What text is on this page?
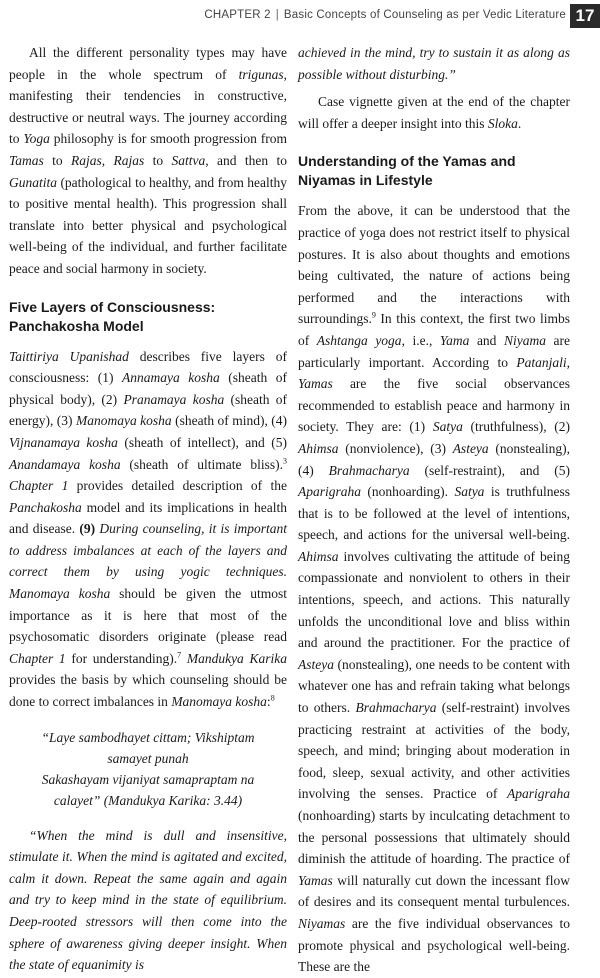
CHAPTER 2 | Basic Concepts of Counseling as per Vedic Literature 17

All the different personality types may have people in the whole spectrum of trigunas, manifesting their tendencies in constructive, destructive or neutral ways. The journey according to Yoga philosophy is for smooth progression from Tamas to Rajas, Rajas to Sattva, and then to Gunatita (pathological to healthy, and from healthy to positive mental health). This progression shall translate into better physical and psychological well-being of the individual, and further facilitate peace and social harmony in society.

Five Layers of Consciousness: Panchakosha Model

Taittiriya Upanishad describes five layers of consciousness: (1) Annamaya kosha (sheath of physical body), (2) Pranamaya kosha (sheath of energy), (3) Manomaya kosha (sheath of mind), (4) Vijnanamaya kosha (sheath of intellect), and (5) Anandamaya kosha (sheath of ultimate bliss).$^3$ Chapter 1 provides detailed description of the Panchakosha model and its implications in health and disease. (9) During counseling, it is important to address imbalances at each of the layers and correct them by using yogic techniques. Manomaya kosha should be given the utmost importance as it is here that most of the psychosomatic disorders originate (please read Chapter 1 for understanding).$^7$ Mandukya Karika provides the basis by which counseling should be done to correct imbalances in Manomaya kosha:$^8$

“Laye sambodhayet cittam; Vikshiptam
samayet punah
Sakashayam vijaniyat samapraptam na
calayet” (Mandukya Karika: 3.44)

“When the mind is dull and insensitive, stimulate it. When the mind is agitated and excited, calm it down. Repeat the same again and again and try to keep mind in the state of equilibrium. Deep-rooted stressors will then come into the sphere of awareness giving deeper insight. When the state of equanimity is

achieved in the mind, try to sustain it as along as possible without disturbing.”

Case vignette given at the end of the chapter will offer a deeper insight into this Sloka.

Understanding of the Yamas and Niyamas in Lifestyle

From the above, it can be understood that the practice of yoga does not restrict itself to physical postures. It is also about thoughts and emotions being cultivated, the nature of actions being performed and the interactions with surroundings.$^9$ In this context, the first two limbs of Ashtanga yoga, i.e., Yama and Niyama are particularly important. According to Patanjali, Yamas are the five social observances recommended to establish peace and harmony in society. They are: (1) Satya (truthfulness), (2) Ahimsa (nonviolence), (3) Asteya (nonstealing), (4) Brahmacharya (self-restraint), and (5) Aparigraha (nonhoarding). Satya is truthfulness that is to be followed at the level of intentions, speech, and actions for the universal well-being. Ahimsa involves cultivating the attitude of being compassionate and nonviolent to others in their intentions, speech, and actions. This naturally unfolds the unconditional love and bliss within and around the practitioner. For the practice of Asteya (nonstealing), one needs to be content with whatever one has and refrain taking what belongs to others. Brahmacharya (self-restraint) involves practicing restraint at activities of the body, speech, and mind; bringing about moderation in food, sleep, sexual activity, and other activities involving the senses. Practice of Aparigraha (nonhoarding) starts by inculcating detachment to the personal possessions that ultimately should diminish the attitude of hoarding. The practice of Yamas will naturally cut down the incessant flow of desires and its consequent mental turbulences. Niyamas are the five individual observances to promote physical and psychological well-being. These are the
